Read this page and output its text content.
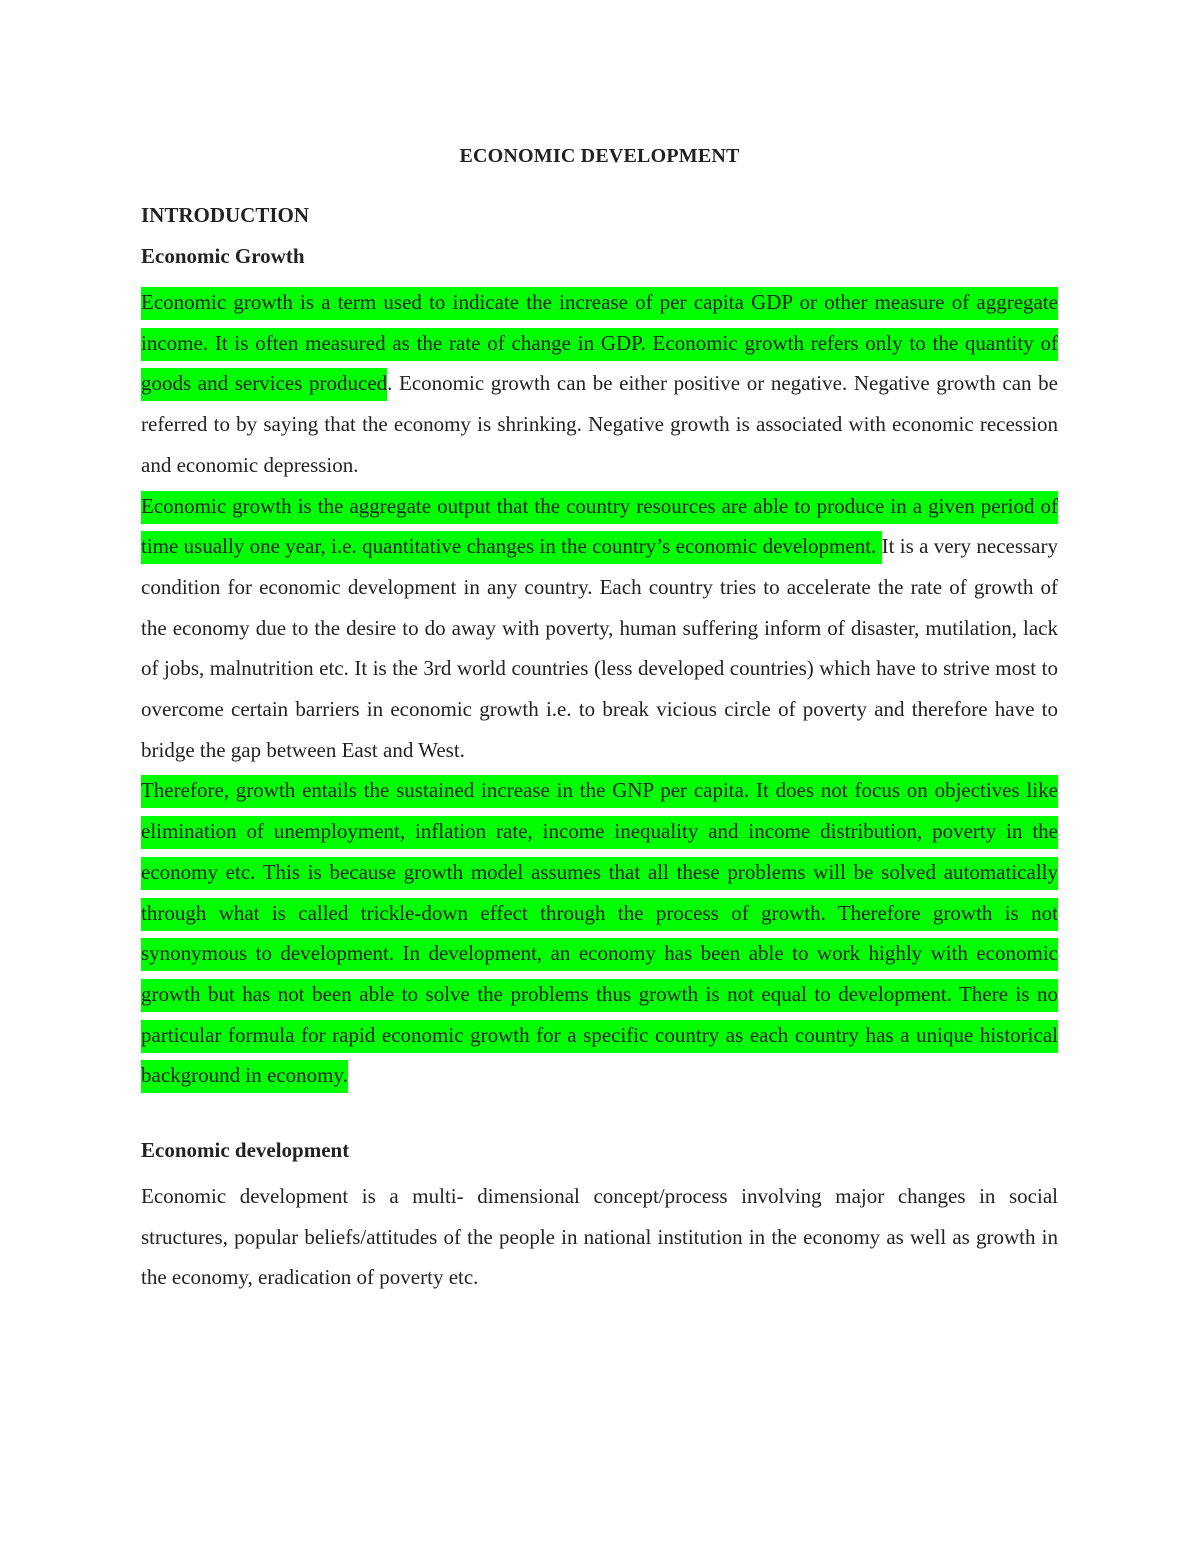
ECONOMIC DEVELOPMENT
INTRODUCTION
Economic Growth

Economic growth is a term used to indicate the increase of per capita GDP or other measure of aggregate income. It is often measured as the rate of change in GDP. Economic growth refers only to the quantity of goods and services produced. Economic growth can be either positive or negative. Negative growth can be referred to by saying that the economy is shrinking. Negative growth is associated with economic recession and economic depression.

Economic growth is the aggregate output that the country resources are able to produce in a given period of time usually one year, i.e. quantitative changes in the country’s economic development. It is a very necessary condition for economic development in any country. Each country tries to accelerate the rate of growth of the economy due to the desire to do away with poverty, human suffering inform of disaster, mutilation, lack of jobs, malnutrition etc. It is the 3rd world countries (less developed countries) which have to strive most to overcome certain barriers in economic growth i.e. to break vicious circle of poverty and therefore have to bridge the gap between East and West.

Therefore, growth entails the sustained increase in the GNP per capita. It does not focus on objectives like elimination of unemployment, inflation rate, income inequality and income distribution, poverty in the economy etc. This is because growth model assumes that all these problems will be solved automatically through what is called trickle-down effect through the process of growth. Therefore growth is not synonymous to development. In development, an economy has been able to work highly with economic growth but has not been able to solve the problems thus growth is not equal to development. There is no particular formula for rapid economic growth for a specific country as each country has a unique historical background in economy.

Economic development

Economic development is a multi- dimensional concept/process involving major changes in social structures, popular beliefs/attitudes of the people in national institution in the economy as well as growth in the economy, eradication of poverty etc.
